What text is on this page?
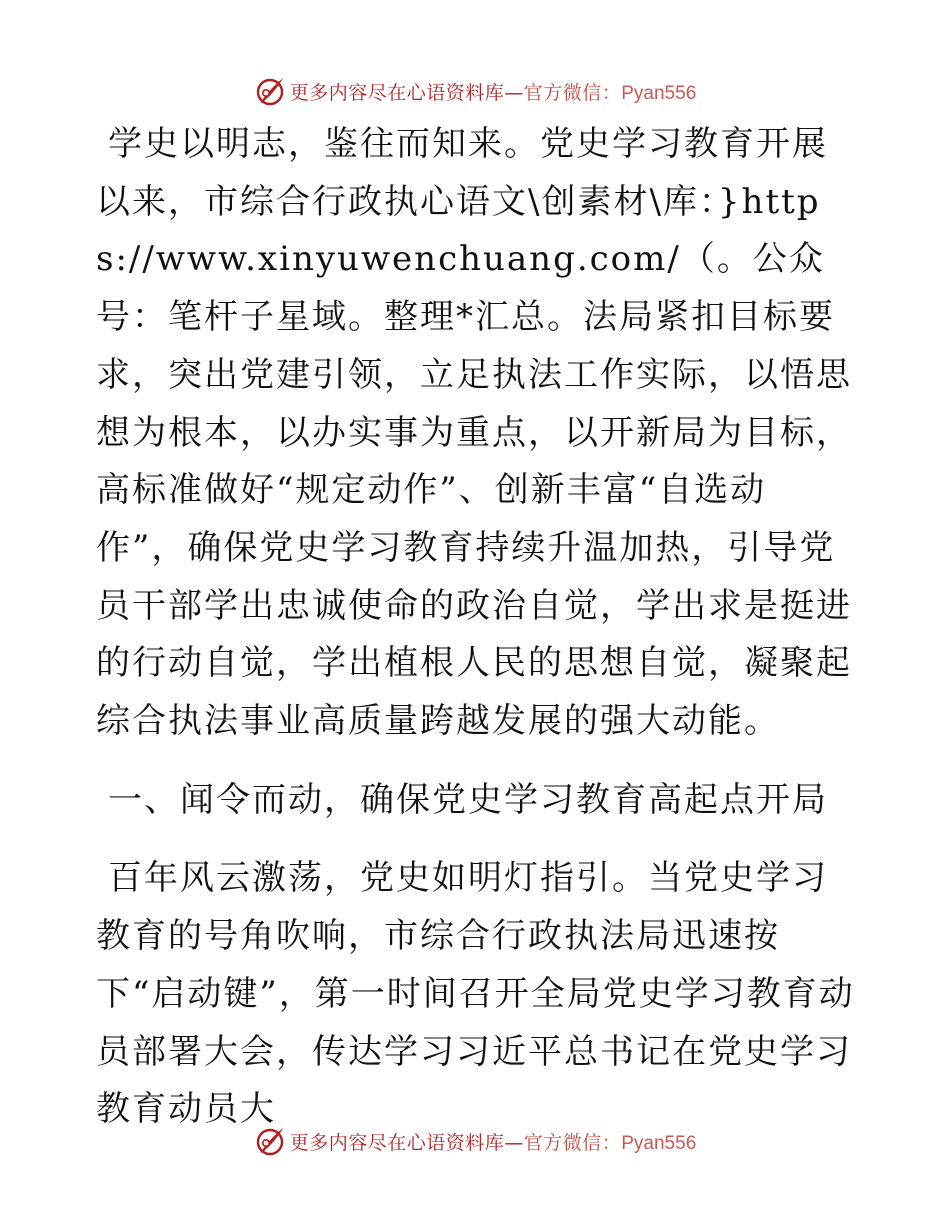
更多内容尽在心语资料库—官方微信：Pyan556

学史以明志，鉴往而知来。党史学习教育开展以来，市综合行政执心语文\创素材\库：}https://www.xinyuwenchuang.com/（。公众号：笔杆子星域。整理*汇总。法局紧扣目标要求，突出党建引领，立足执法工作实际，以悟思想为根本，以办实事为重点，以开新局为目标，高标准做好“规定动作”、创新丰富“自选动作”，确保党史学习教育持续升温加热，引导党员干部学出忠诚使命的政治自觉，学出求是挺进的行动自觉，学出植根人民的思想自觉，凝聚起综合执法事业高质量跨越发展的强大动能。

一、闻令而动，确保党史学习教育高起点开局

百年风云激荡，党史如明灯指引。当党史学习教育的号角吹响，市综合行政执法局迅速按下“启动键”，第一时间召开全局党史学习教育动员部署大会，传达学习习近平总书记在党史学习教育动员大

更多内容尽在心语资料库—官方微信：Pyan556
